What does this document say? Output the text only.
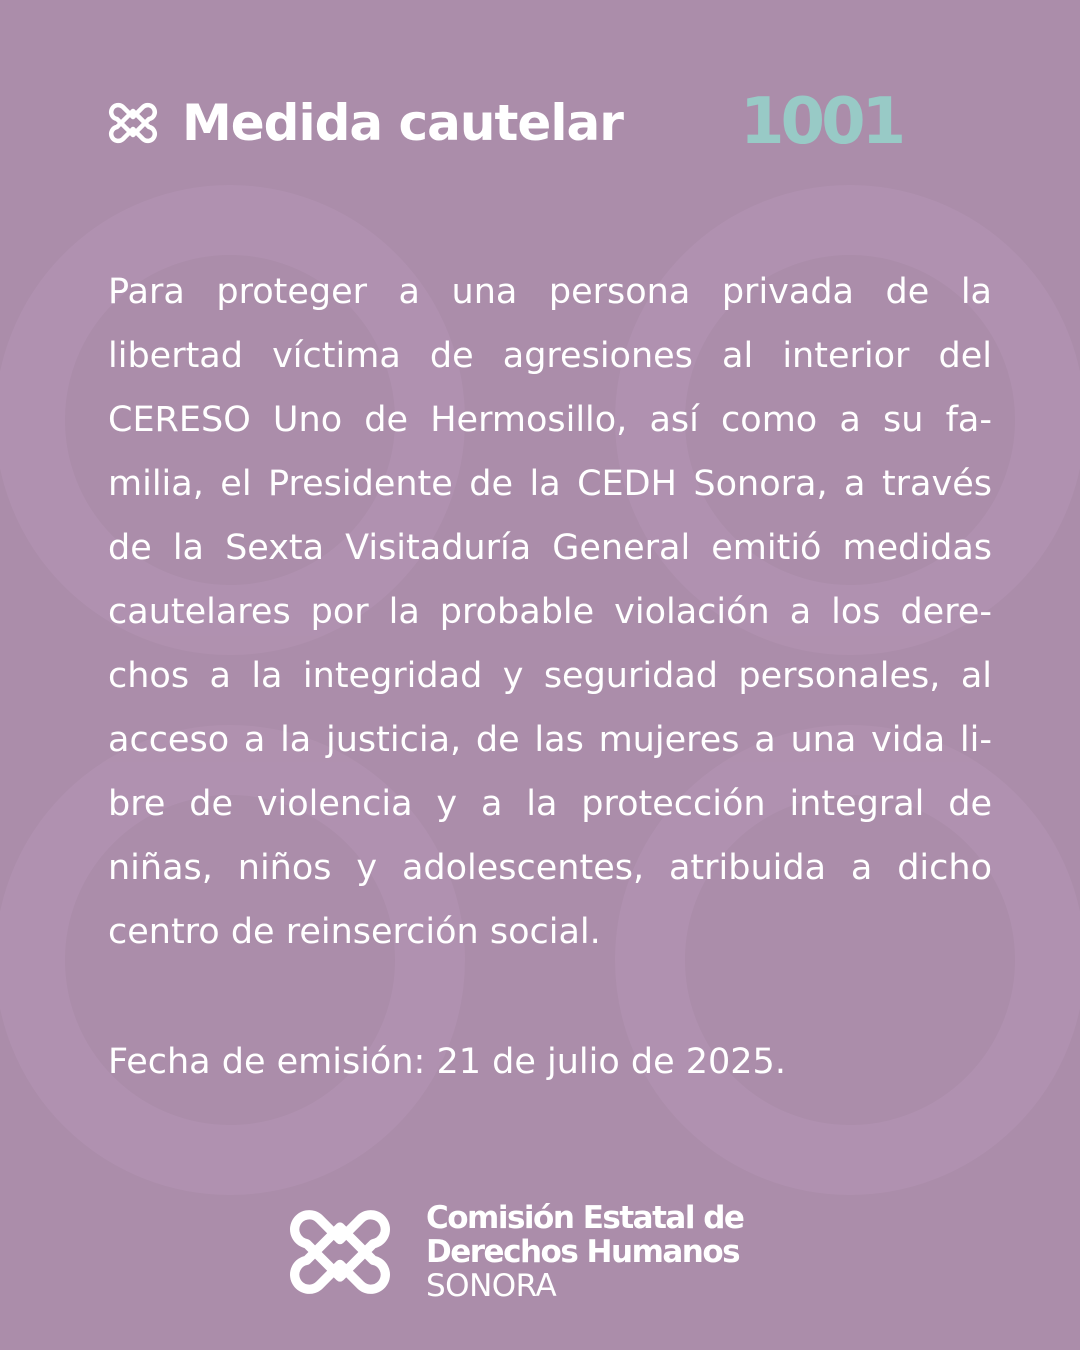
Medida cautelar 1001
Para proteger a una persona privada de la
libertad víctima de agresiones al interior del
CERESO Uno de Hermosillo, así como a su fa-
milia, el Presidente de la CEDH Sonora, a través
de la Sexta Visitaduría General emitió medidas
cautelares por la probable violación a los dere-
chos a la integridad y seguridad personales, al
acceso a la justicia, de las mujeres a una vida li-
bre de violencia y a la protección integral de
niñas, niños y adolescentes, atribuida a dicho
centro de reinserción social.
Fecha de emisión: 21 de julio de 2025.
Comisión Estatal de
Derechos Humanos
SONORA
